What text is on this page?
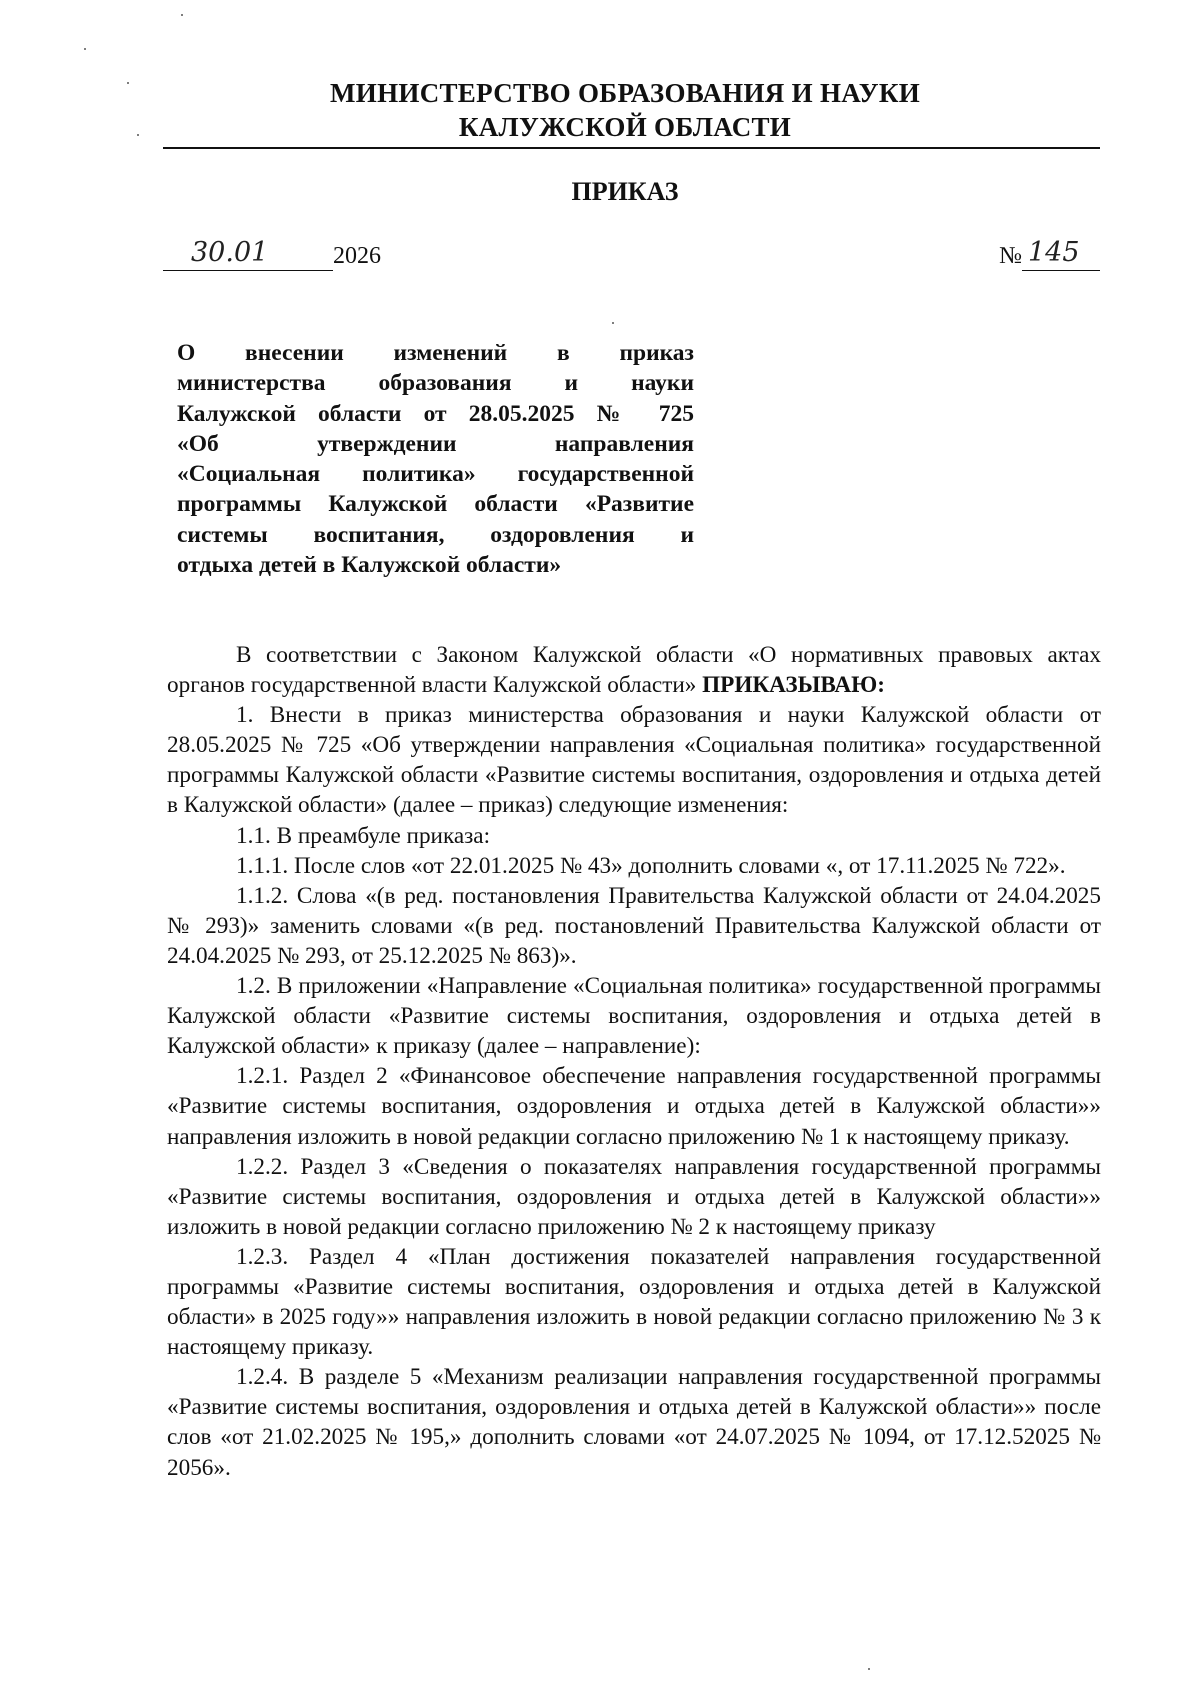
МИНИСТЕРСТВО ОБРАЗОВАНИЯ И НАУКИ
КАЛУЖСКОЙ ОБЛАСТИ
ПРИКАЗ
30.01	2026	№ 145
О внесении изменений в приказ
министерства образования и науки
Калужской области от 28.05.2025 № 725
«Об утверждении направления
«Социальная политика» государственной
программы Калужской области «Развитие
системы воспитания, оздоровления и
отдыха детей в Калужской области»

В соответствии с Законом Калужской области «О нормативных правовых актах органов государственной власти Калужской области» ПРИКАЗЫВАЮ:

1. Внести в приказ министерства образования и науки Калужской области от 28.05.2025 № 725 «Об утверждении направления «Социальная политика» государственной программы Калужской области «Развитие системы воспитания, оздоровления и отдыха детей в Калужской области» (далее – приказ) следующие изменения:

1.1. В преамбуле приказа:

1.1.1. После слов «от 22.01.2025 № 43» дополнить словами «, от 17.11.2025 № 722».

1.1.2. Слова «(в ред. постановления Правительства Калужской области от 24.04.2025 № 293)» заменить словами «(в ред. постановлений Правительства Калужской области от 24.04.2025 № 293, от 25.12.2025 № 863)».

1.2. В приложении «Направление «Социальная политика» государственной программы Калужской области «Развитие системы воспитания, оздоровления и отдыха детей в Калужской области» к приказу (далее – направление):

1.2.1. Раздел 2 «Финансовое обеспечение направления государственной программы «Развитие системы воспитания, оздоровления и отдыха детей в Калужской области»» направления изложить в новой редакции согласно приложению № 1 к настоящему приказу.

1.2.2. Раздел 3 «Сведения о показателях направления государственной программы «Развитие системы воспитания, оздоровления и отдыха детей в Калужской области»» изложить в новой редакции согласно приложению № 2 к настоящему приказу

1.2.3. Раздел 4 «План достижения показателей направления государственной программы «Развитие системы воспитания, оздоровления и отдыха детей в Калужской области» в 2025 году»» направления изложить в новой редакции согласно приложению № 3 к настоящему приказу.

1.2.4. В разделе 5 «Механизм реализации направления государственной программы «Развитие системы воспитания, оздоровления и отдыха детей в Калужской области»» после слов «от 21.02.2025 № 195,» дополнить словами «от 24.07.2025 № 1094, от 17.12.52025 № 2056».
